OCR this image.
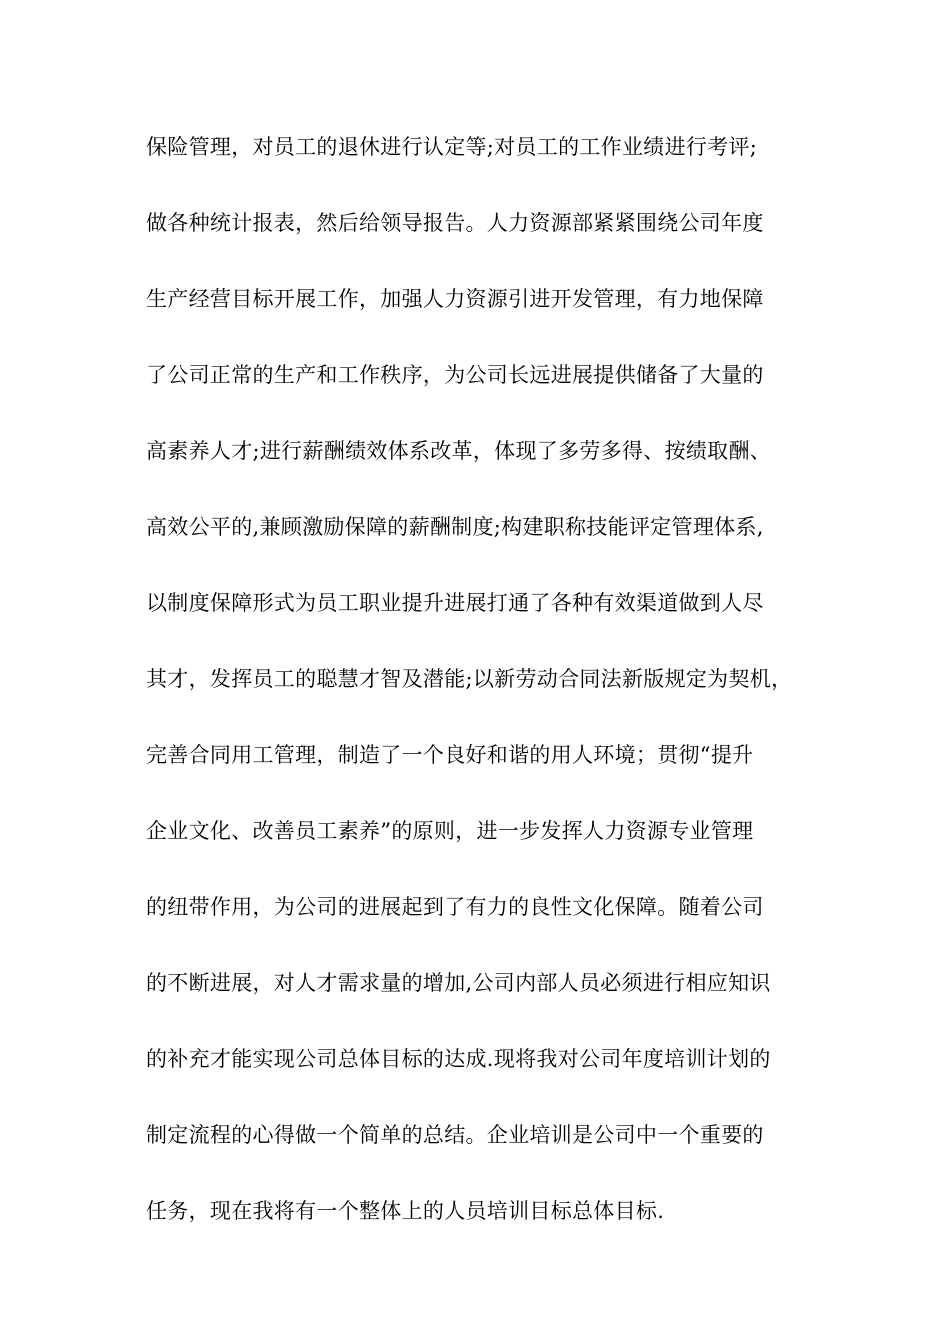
保险管理，对员工的退休进行认定等;对员工的工作业绩进行考评;
做各种统计报表，然后给领导报告。人力资源部紧紧围绕公司年度
生产经营目标开展工作，加强人力资源引进开发管理，有力地保障
了公司正常的生产和工作秩序，为公司长远进展提供储备了大量的
高素养人才;进行薪酬绩效体系改革，体现了多劳多得、按绩取酬、
高效公平的,兼顾激励保障的薪酬制度;构建职称技能评定管理体系,
以制度保障形式为员工职业提升进展打通了各种有效渠道做到人尽
其才，发挥员工的聪慧才智及潜能;以新劳动合同法新版规定为契机，
完善合同用工管理，制造了一个良好和谐的用人环境；贯彻“提升
企业文化、改善员工素养”的原则，进一步发挥人力资源专业管理
的纽带作用，为公司的进展起到了有力的良性文化保障。随着公司
的不断进展，对人才需求量的增加,公司内部人员必须进行相应知识
的补充才能实现公司总体目标的达成.现将我对公司年度培训计划的
制定流程的心得做一个简单的总结。企业培训是公司中一个重要的
任务，现在我将有一个整体上的人员培训目标总体目标.
